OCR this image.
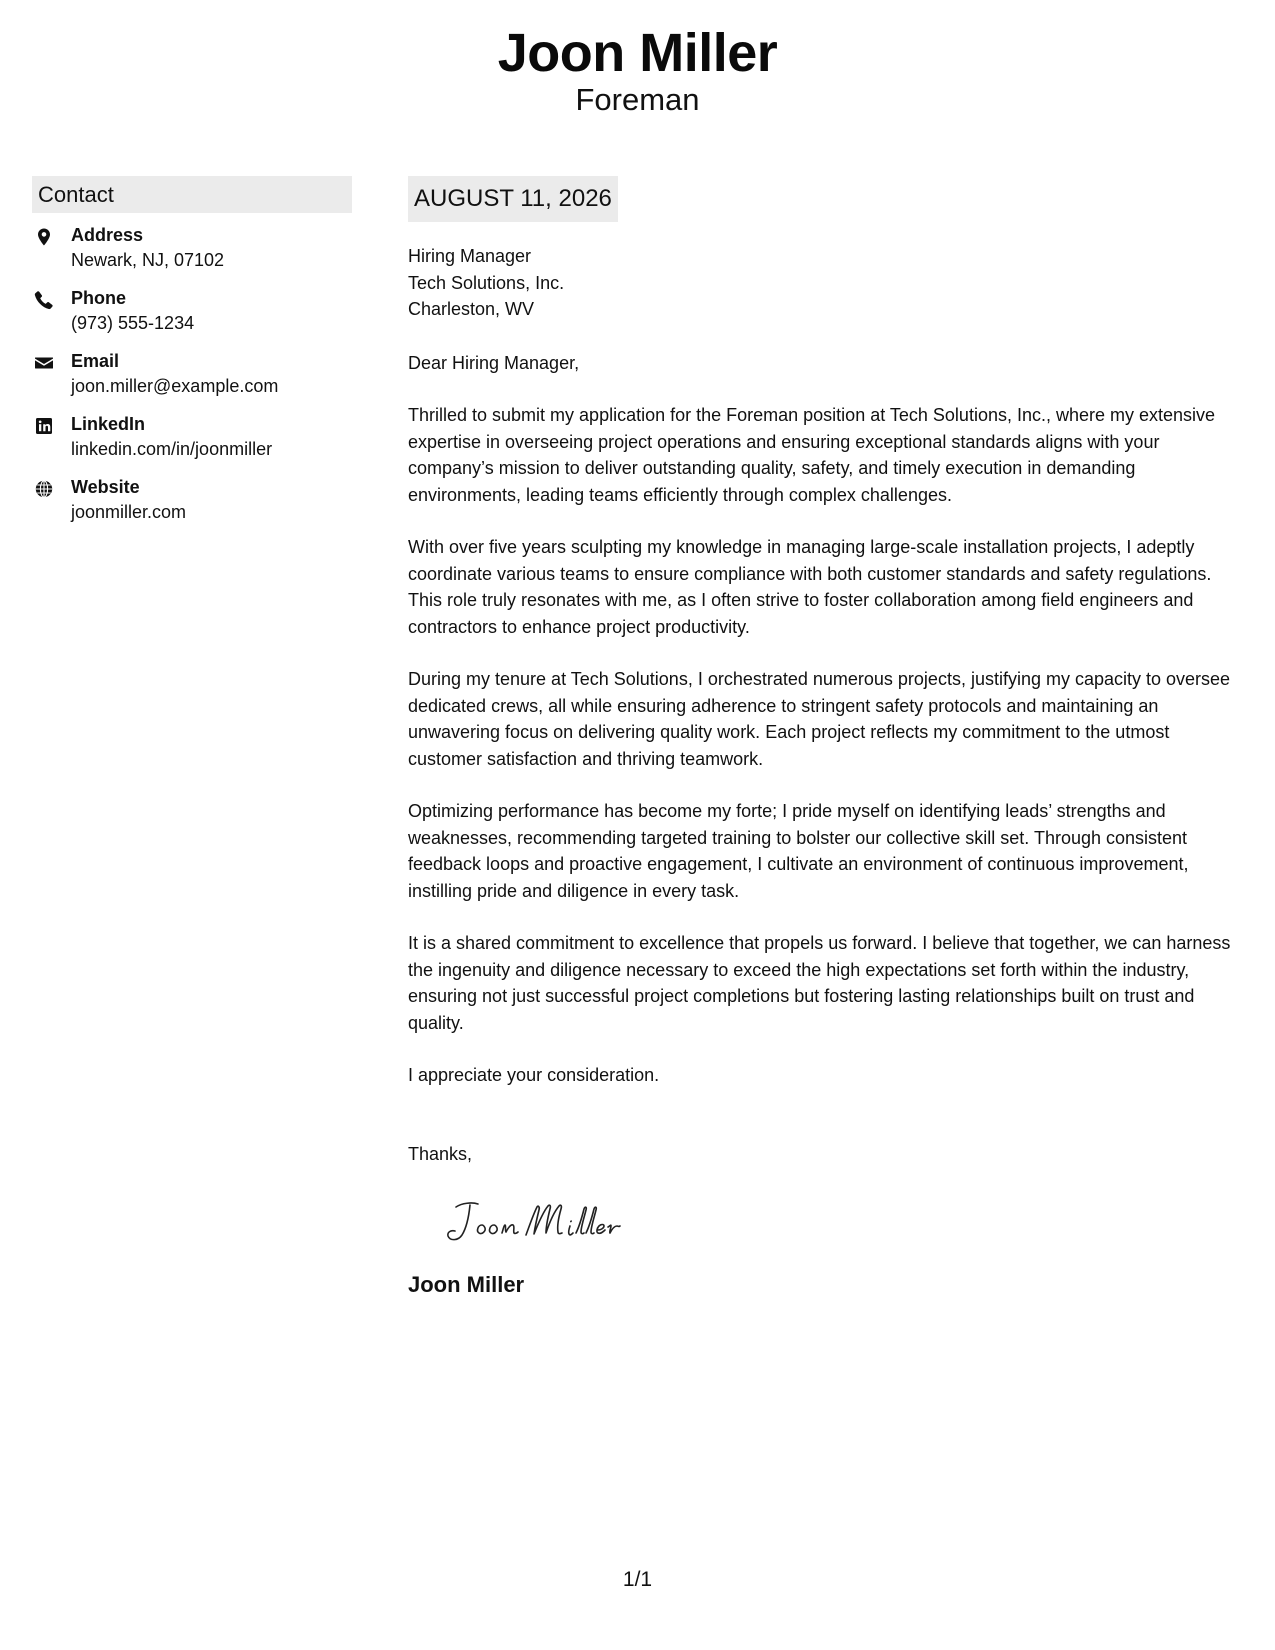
Joon Miller
Foreman
Contact
Address
Newark, NJ, 07102
Phone
(973) 555-1234
Email
joon.miller@example.com
LinkedIn
linkedin.com/in/joonmiller
Website
joonmiller.com
AUGUST 11, 2026
Hiring Manager
Tech Solutions, Inc.
Charleston, WV
Dear Hiring Manager,
Thrilled to submit my application for the Foreman position at Tech Solutions, Inc., where my extensive expertise in overseeing project operations and ensuring exceptional standards aligns with your company’s mission to deliver outstanding quality, safety, and timely execution in demanding environments, leading teams efficiently through complex challenges.
With over five years sculpting my knowledge in managing large-scale installation projects, I adeptly coordinate various teams to ensure compliance with both customer standards and safety regulations. This role truly resonates with me, as I often strive to foster collaboration among field engineers and contractors to enhance project productivity.
During my tenure at Tech Solutions, I orchestrated numerous projects, justifying my capacity to oversee dedicated crews, all while ensuring adherence to stringent safety protocols and maintaining an unwavering focus on delivering quality work. Each project reflects my commitment to the utmost customer satisfaction and thriving teamwork.
Optimizing performance has become my forte; I pride myself on identifying leads’ strengths and weaknesses, recommending targeted training to bolster our collective skill set. Through consistent feedback loops and proactive engagement, I cultivate an environment of continuous improvement, instilling pride and diligence in every task.
It is a shared commitment to excellence that propels us forward. I believe that together, we can harness the ingenuity and diligence necessary to exceed the high expectations set forth within the industry, ensuring not just successful project completions but fostering lasting relationships built on trust and quality.
I appreciate your consideration.
Thanks,
Joon Miller
1/1
